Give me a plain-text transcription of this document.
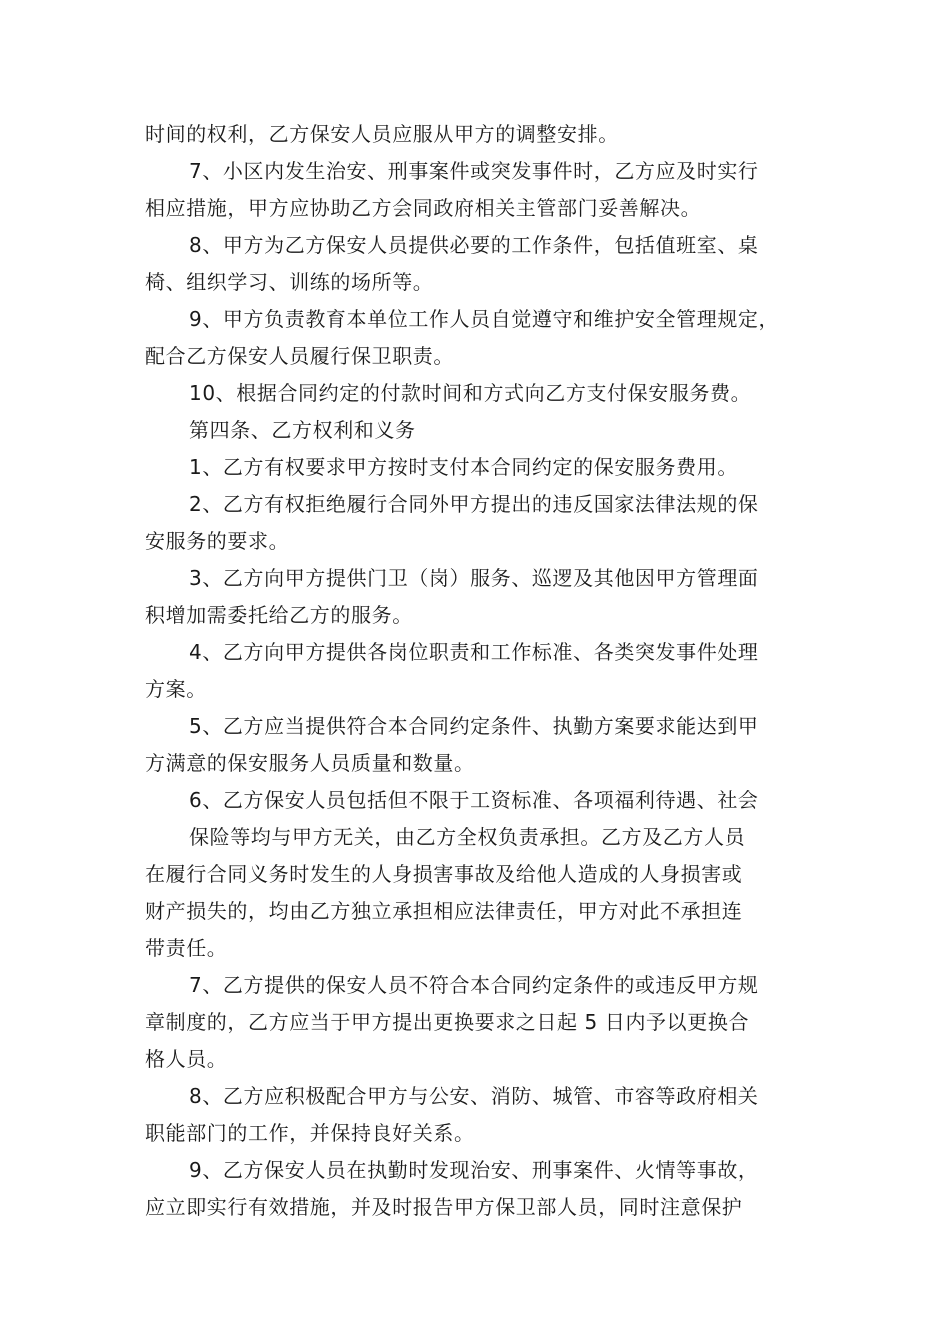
时间的权利，乙方保安人员应服从甲方的调整安排。
7、小区内发生治安、刑事案件或突发事件时，乙方应及时实行
相应措施，甲方应协助乙方会同政府相关主管部门妥善解决。
8、甲方为乙方保安人员提供必要的工作条件，包括值班室、桌
椅、组织学习、训练的场所等。
9、甲方负责教育本单位工作人员自觉遵守和维护安全管理规定，
配合乙方保安人员履行保卫职责。
10、根据合同约定的付款时间和方式向乙方支付保安服务费。
第四条、乙方权利和义务
1、乙方有权要求甲方按时支付本合同约定的保安服务费用。
2、乙方有权拒绝履行合同外甲方提出的违反国家法律法规的保
安服务的要求。
3、乙方向甲方提供门卫（岗）服务、巡逻及其他因甲方管理面
积增加需委托给乙方的服务。
4、乙方向甲方提供各岗位职责和工作标准、各类突发事件处理
方案。
5、乙方应当提供符合本合同约定条件、执勤方案要求能达到甲
方满意的保安服务人员质量和数量。
6、乙方保安人员包括但不限于工资标准、各项福利待遇、社会
保险等均与甲方无关，由乙方全权负责承担。乙方及乙方人员
在履行合同义务时发生的人身损害事故及给他人造成的人身损害或
财产损失的，均由乙方独立承担相应法律责任，甲方对此不承担连
带责任。
7、乙方提供的保安人员不符合本合同约定条件的或违反甲方规
章制度的，乙方应当于甲方提出更换要求之日起 5 日内予以更换合
格人员。
8、乙方应积极配合甲方与公安、消防、城管、市容等政府相关
职能部门的工作，并保持良好关系。
9、乙方保安人员在执勤时发现治安、刑事案件、火情等事故，
应立即实行有效措施，并及时报告甲方保卫部人员，同时注意保护
